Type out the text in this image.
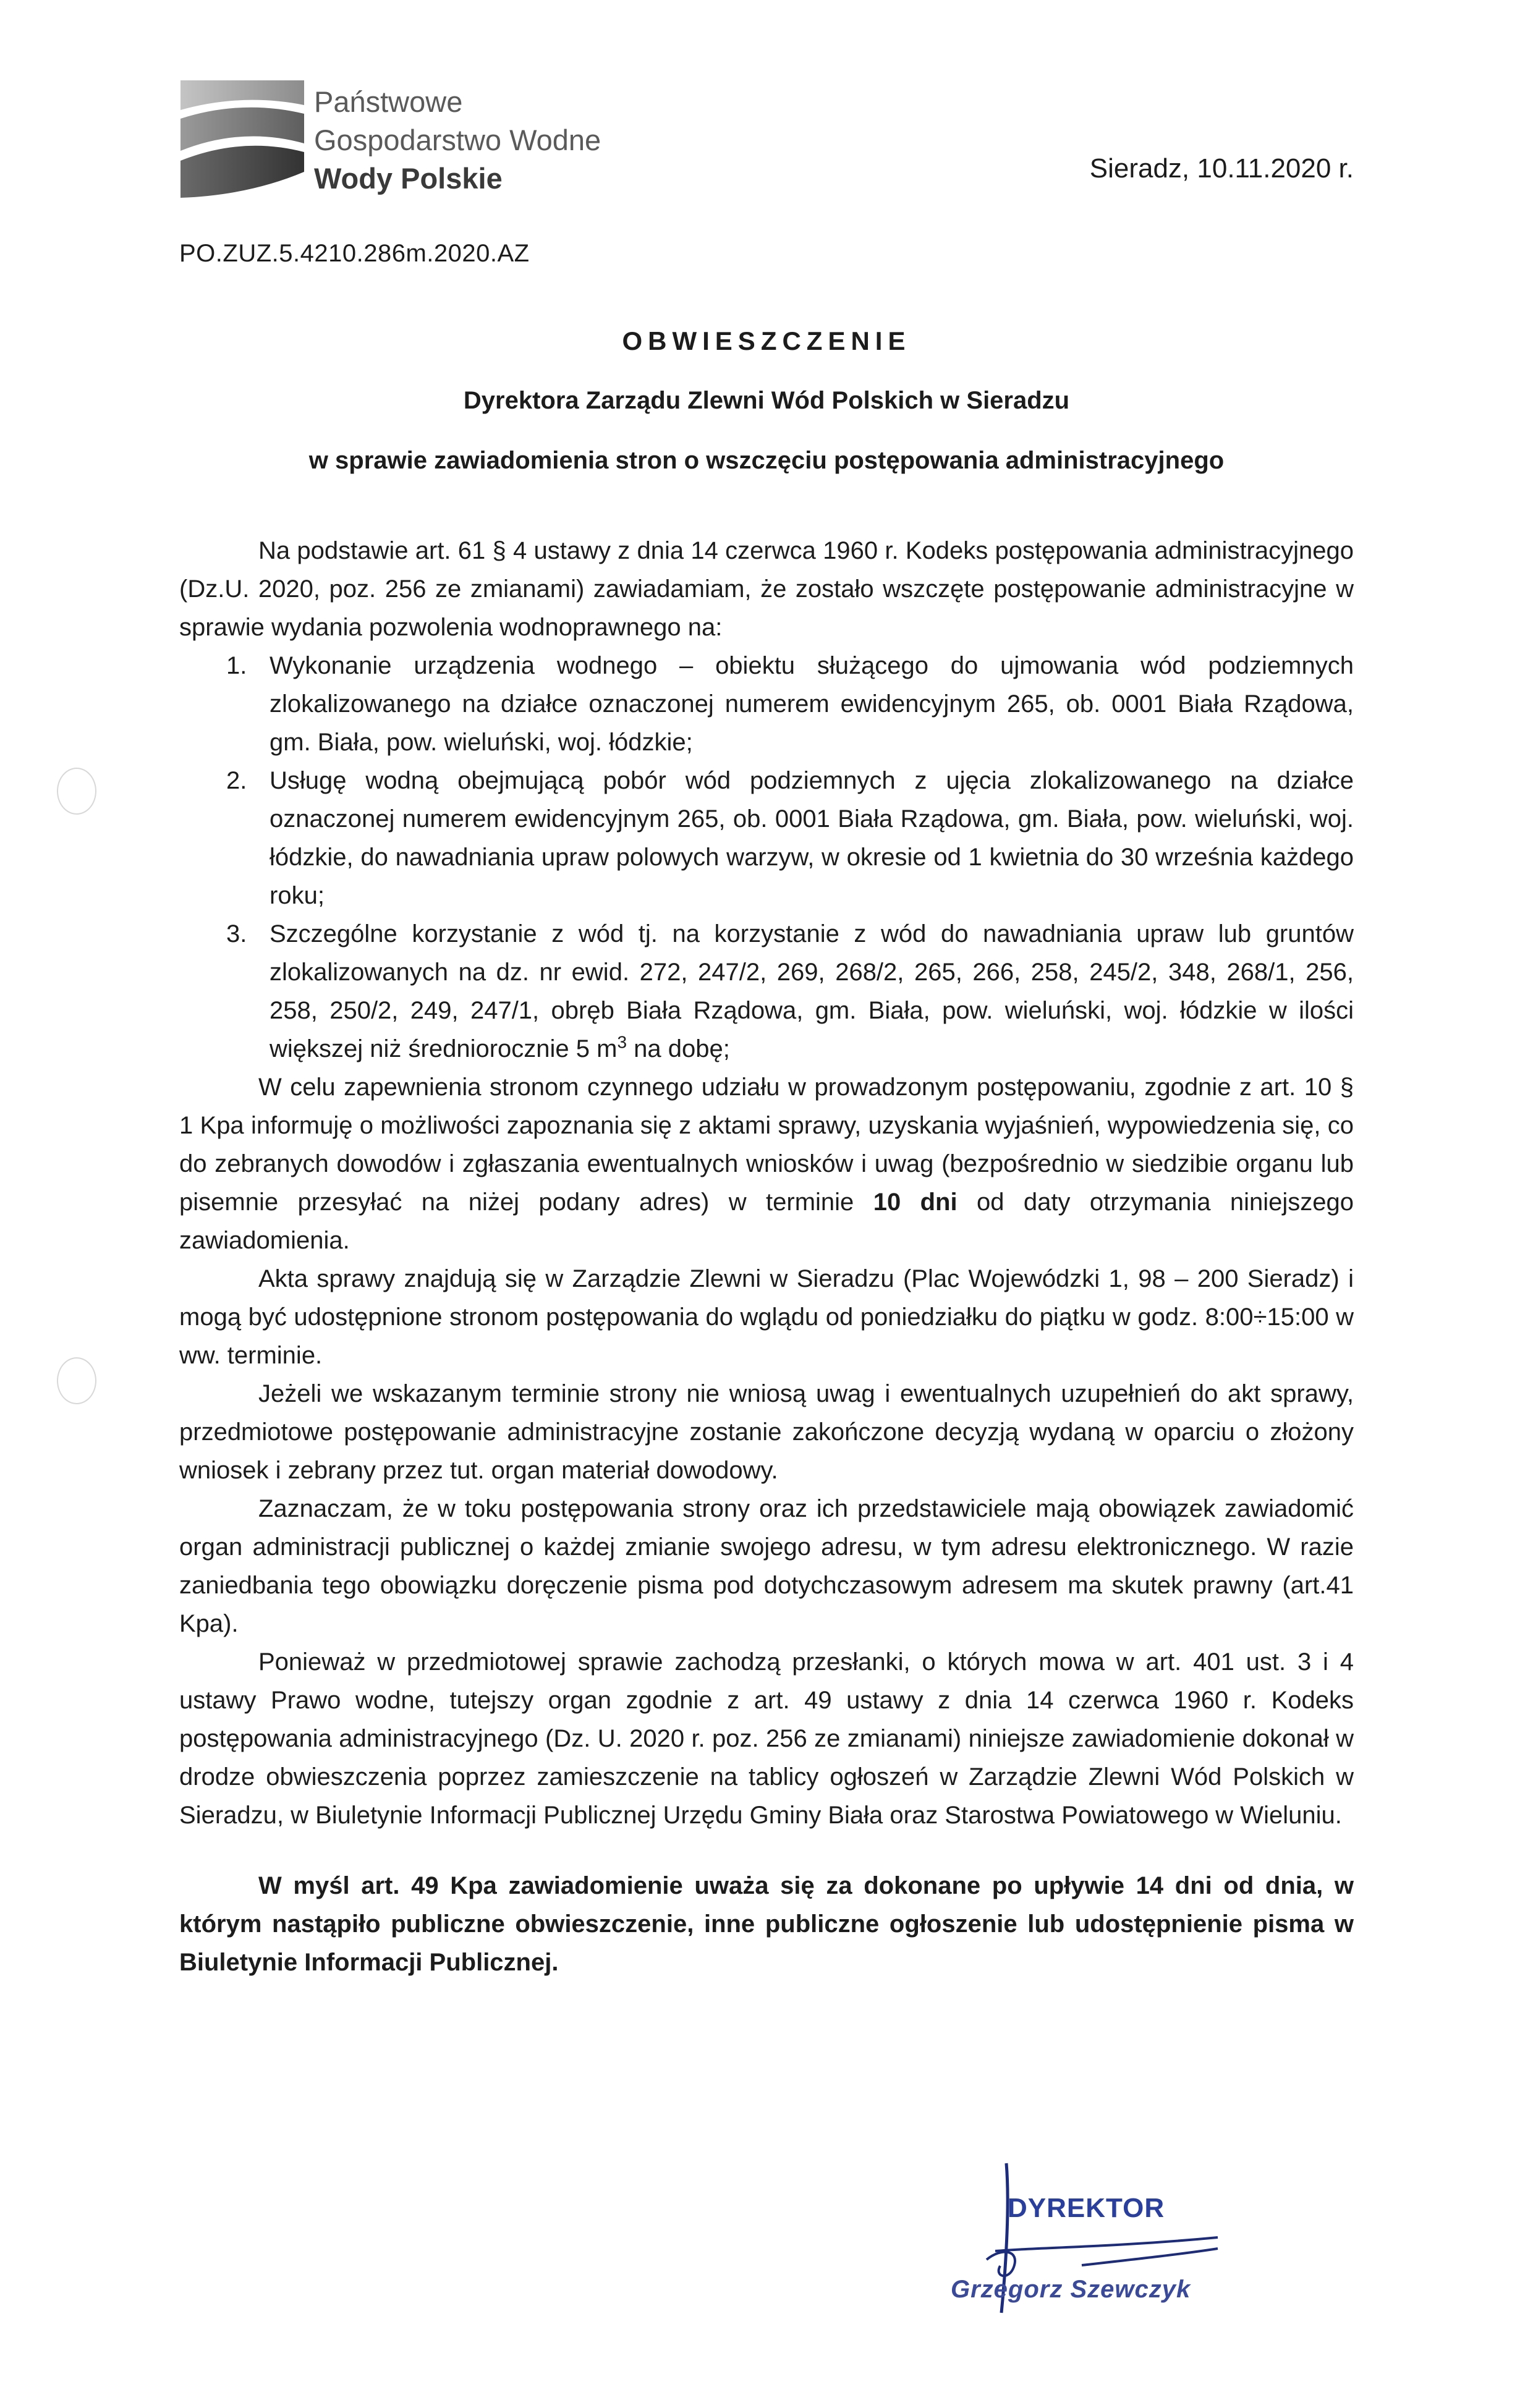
Państwowe
Gospodarstwo Wodne
Wody Polskie	Sieradz, 10.11.2020 r.
PO.ZUZ.5.4210.286m.2020.AZ
OBWIESZCZENIE
Dyrektora Zarządu Zlewni Wód Polskich w Sieradzu
w sprawie zawiadomienia stron o wszczęciu postępowania administracyjnego

Na podstawie art. 61 § 4 ustawy z dnia 14 czerwca 1960 r. Kodeks postępowania administracyjnego (Dz.U. 2020, poz. 256 ze zmianami) zawiadamiam, że zostało wszczęte postępowanie administracyjne w sprawie wydania pozwolenia wodnoprawnego na:

1. Wykonanie urządzenia wodnego – obiektu służącego do ujmowania wód podziemnych zlokalizowanego na działce oznaczonej numerem ewidencyjnym 265, ob. 0001 Biała Rządowa, gm. Biała, pow. wieluński, woj. łódzkie;
2. Usługę wodną obejmującą pobór wód podziemnych z ujęcia zlokalizowanego na działce oznaczonej numerem ewidencyjnym 265, ob. 0001 Biała Rządowa, gm. Biała, pow. wieluński, woj. łódzkie, do nawadniania upraw polowych warzyw, w okresie od 1 kwietnia do 30 września każdego roku;
3. Szczególne korzystanie z wód tj. na korzystanie z wód do nawadniania upraw lub gruntów zlokalizowanych na dz. nr ewid. 272, 247/2, 269, 268/2, 265, 266, 258, 245/2, 348, 268/1, 256, 258, 250/2, 249, 247/1, obręb Biała Rządowa, gm. Biała, pow. wieluński, woj. łódzkie w ilości większej niż średniorocznie 5 $m^3$ na dobę;

W celu zapewnienia stronom czynnego udziału w prowadzonym postępowaniu, zgodnie z art. 10 § 1 Kpa informuję o możliwości zapoznania się z aktami sprawy, uzyskania wyjaśnień, wypowiedzenia się, co do zebranych dowodów i zgłaszania ewentualnych wniosków i uwag (bezpośrednio w siedzibie organu lub pisemnie przesyłać na niżej podany adres) w terminie 10 dni od daty otrzymania niniejszego zawiadomienia.

Akta sprawy znajdują się w Zarządzie Zlewni w Sieradzu (Plac Wojewódzki 1, 98 – 200 Sieradz) i mogą być udostępnione stronom postępowania do wglądu od poniedziałku do piątku w godz. 8:00÷15:00 w ww. terminie.

Jeżeli we wskazanym terminie strony nie wniosą uwag i ewentualnych uzupełnień do akt sprawy, przedmiotowe postępowanie administracyjne zostanie zakończone decyzją wydaną w oparciu o złożony wniosek i zebrany przez tut. organ materiał dowodowy.

Zaznaczam, że w toku postępowania strony oraz ich przedstawiciele mają obowiązek zawiadomić organ administracji publicznej o każdej zmianie swojego adresu, w tym adresu elektronicznego. W razie zaniedbania tego obowiązku doręczenie pisma pod dotychczasowym adresem ma skutek prawny (art.41 Kpa).

Ponieważ w przedmiotowej sprawie zachodzą przesłanki, o których mowa w art. 401 ust. 3 i 4 ustawy Prawo wodne, tutejszy organ zgodnie z art. 49 ustawy z dnia 14 czerwca 1960 r. Kodeks postępowania administracyjnego (Dz. U. 2020 r. poz. 256 ze zmianami) niniejsze zawiadomienie dokonał w drodze obwieszczenia poprzez zamieszczenie na tablicy ogłoszeń w Zarządzie Zlewni Wód Polskich w Sieradzu, w Biuletynie Informacji Publicznej Urzędu Gminy Biała oraz Starostwa Powiatowego w Wieluniu.

W myśl art. 49 Kpa zawiadomienie uważa się za dokonane po upływie 14 dni od dnia, w którym nastąpiło publiczne obwieszczenie, inne publiczne ogłoszenie lub udostępnienie pisma w Biuletynie Informacji Publicznej.

DYREKTOR
Grzegorz Szewczyk
